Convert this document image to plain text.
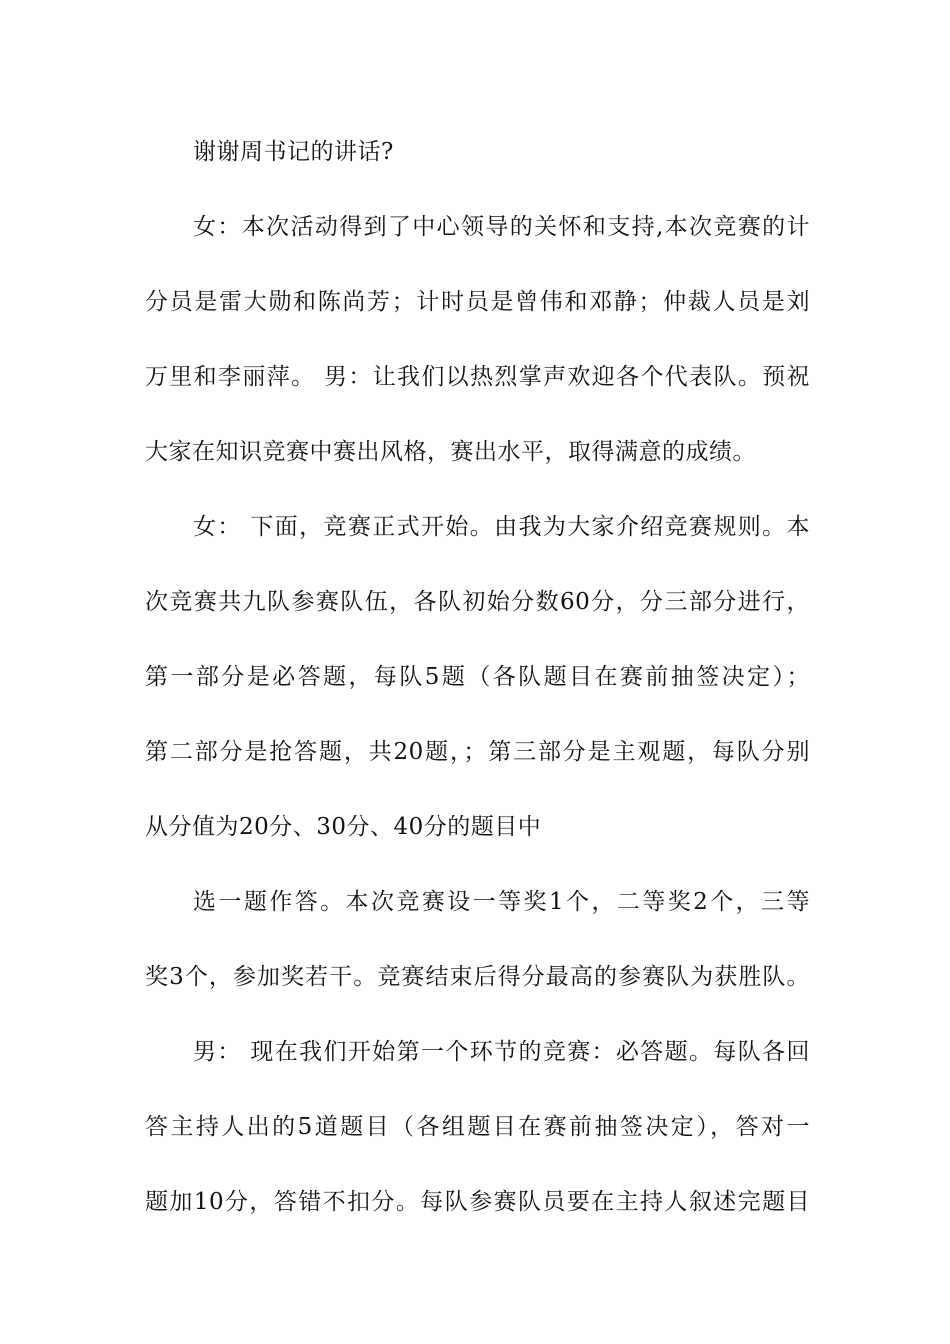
谢谢周书记的讲话?
女：本次活动得到了中心领导的关怀和支持,本次竞赛的计
分员是雷大勋和陈尚芳；计时员是曾伟和邓静；仲裁人员是刘
万里和李丽萍。 男：让我们以热烈掌声欢迎各个代表队。预祝
大家在知识竞赛中赛出风格，赛出水平，取得满意的成绩。
女： 下面，竞赛正式开始。由我为大家介绍竞赛规则。本
次竞赛共九队参赛队伍，各队初始分数60分，分三部分进行，
第一部分是必答题，每队5题（各队题目在赛前抽签决定）；
第二部分是抢答题，共20题，；第三部分是主观题，每队分别
从分值为20分、30分、40分的题目中
选一题作答。本次竞赛设一等奖1个，二等奖2个，三等
奖3个，参加奖若干。竞赛结束后得分最高的参赛队为获胜队。
男： 现在我们开始第一个环节的竞赛：必答题。每队各回
答主持人出的5道题目（各组题目在赛前抽签决定），答对一
题加10分，答错不扣分。每队参赛队员要在主持人叙述完题目
